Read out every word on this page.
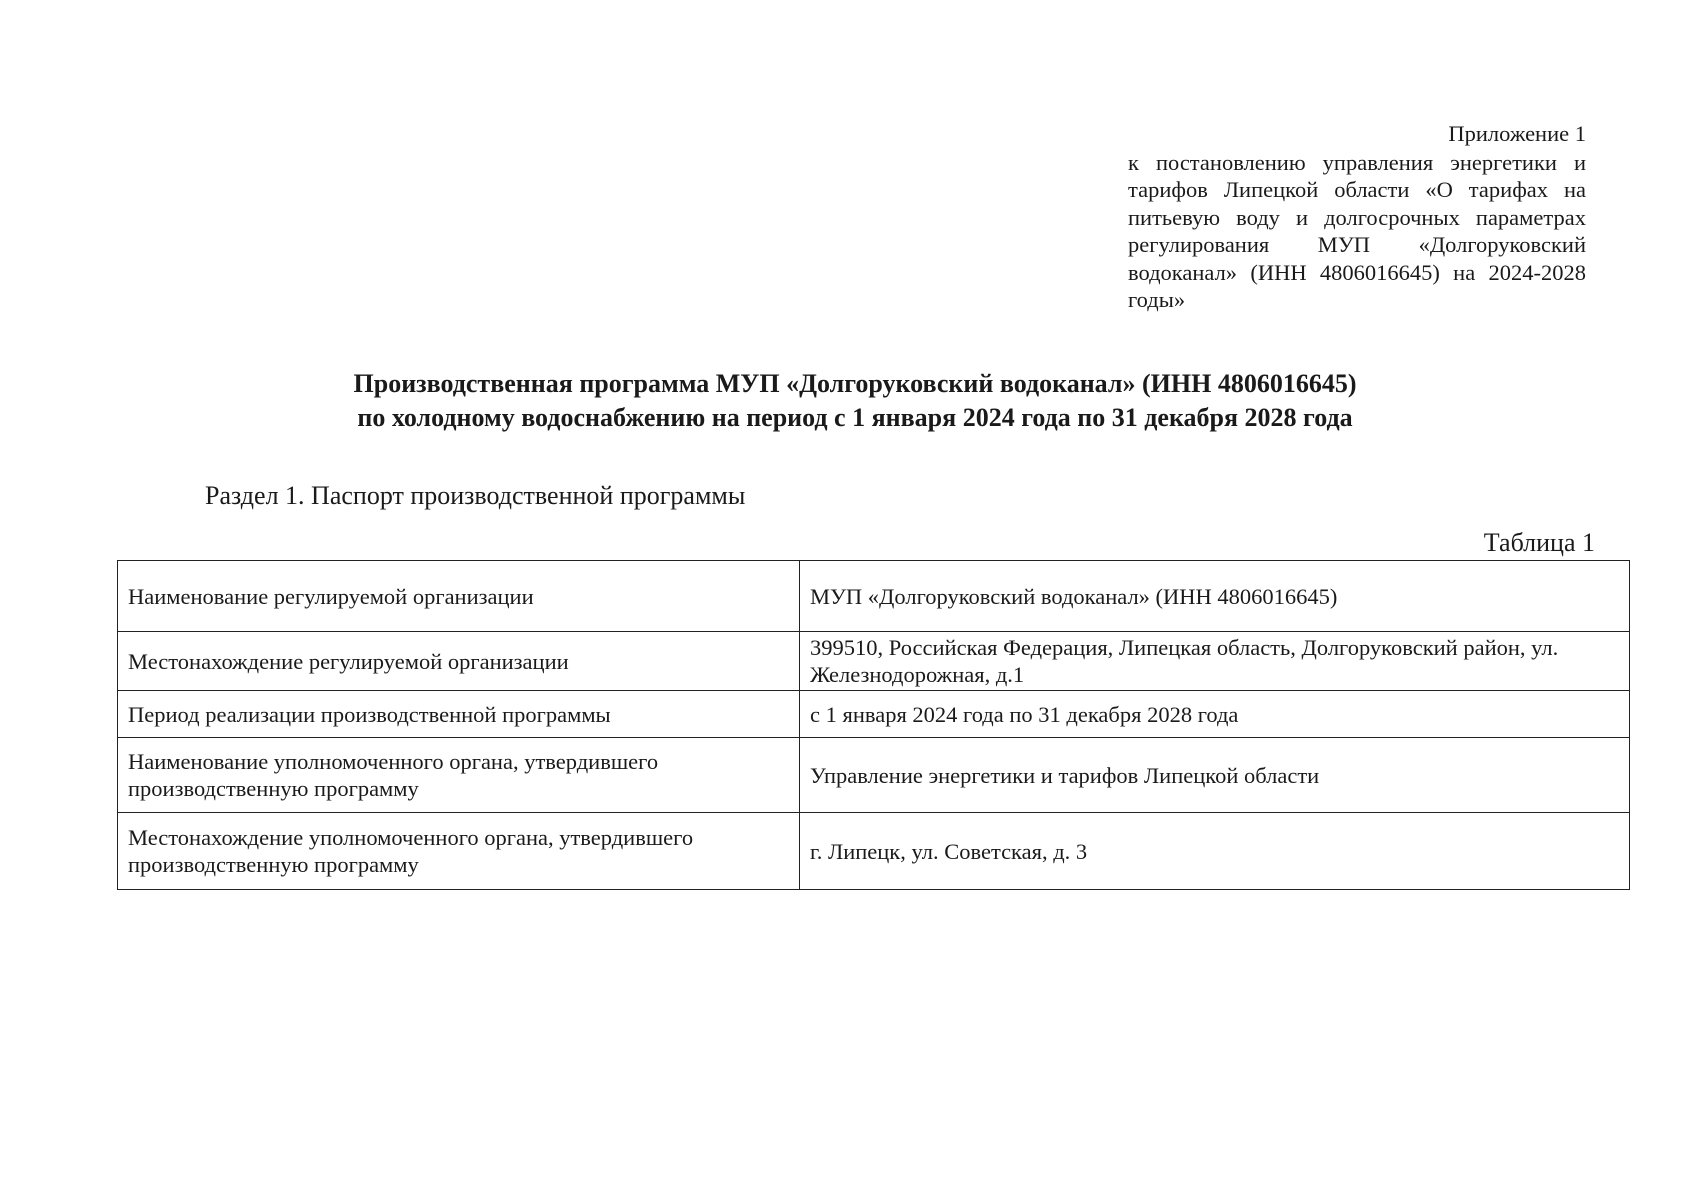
Приложение 1
к постановлению управления энергетики и тарифов Липецкой области «О тарифах на питьевую воду и долгосрочных параметрах регулирования МУП «Долгоруковский водоканал» (ИНН 4806016645) на 2024-2028 годы»
Производственная программа МУП «Долгоруковский водоканал» (ИНН 4806016645)
по холодному водоснабжению на период с 1 января 2024 года по 31 декабря 2028 года
Раздел 1. Паспорт производственной программы
Таблица 1
Наименование регулируемой организации	МУП «Долгоруковский водоканал» (ИНН 4806016645)
Местонахождение регулируемой организации	399510, Российская Федерация, Липецкая область, Долгоруковский район, ул. Железнодорожная, д.1
Период реализации производственной программы	с 1 января 2024 года по 31 декабря 2028 года
Наименование уполномоченного органа, утвердившего производственную программу	Управление энергетики и тарифов Липецкой области
Местонахождение уполномоченного органа, утвердившего производственную программу	г. Липецк, ул. Советская, д. 3
